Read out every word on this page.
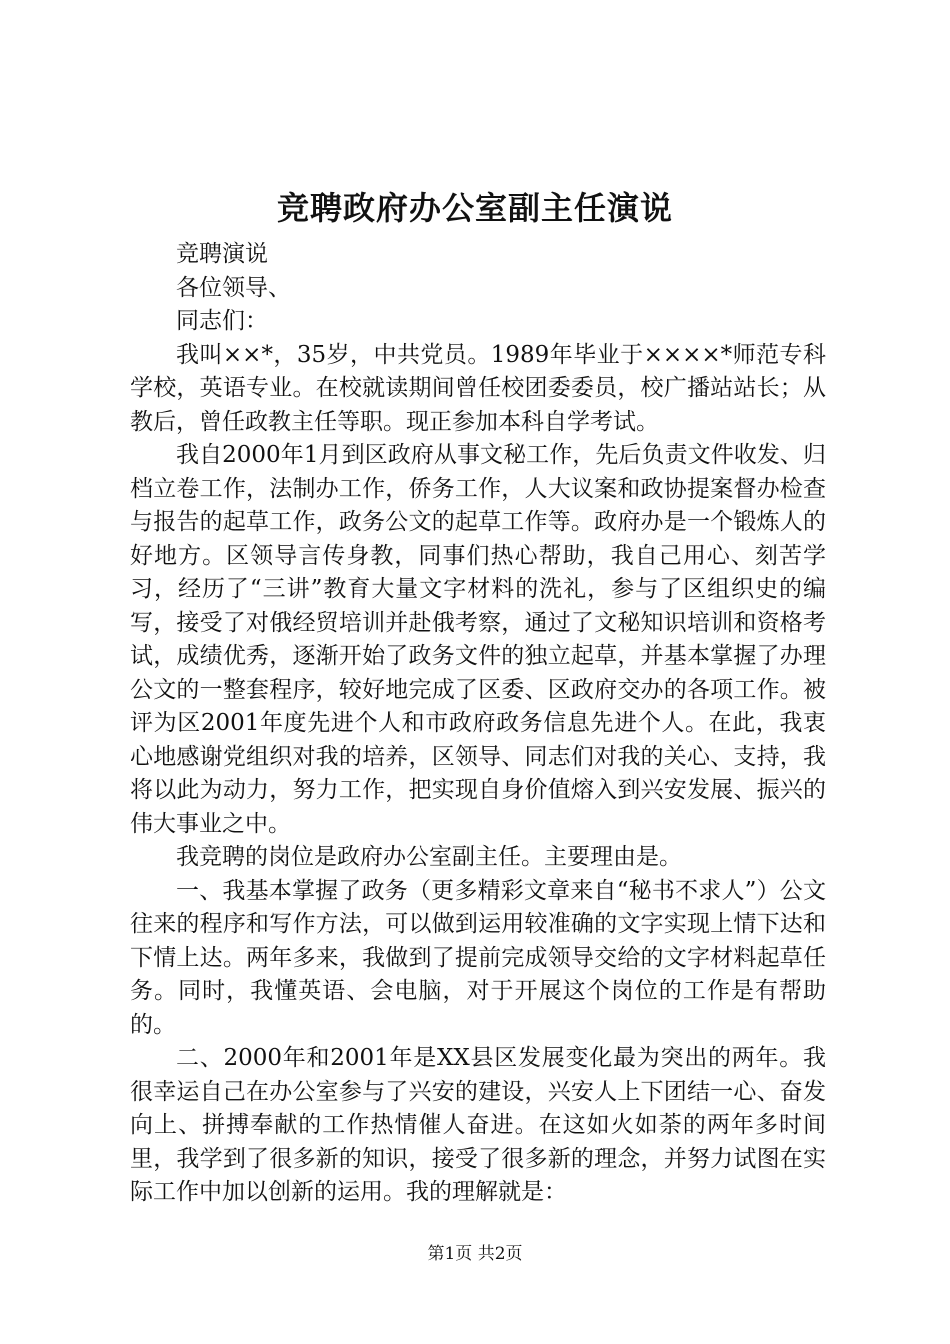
竞聘政府办公室副主任演说

竞聘演说

各位领导、

同志们：

我叫××*，35岁，中共党员。1989年毕业于××××*师范专科学校，英语专业。在校就读期间曾任校团委委员，校广播站站长；从教后，曾任政教主任等职。现正参加本科自学考试。

我自2000年1月到区政府从事文秘工作，先后负责文件收发、归档立卷工作，法制办工作，侨务工作，人大议案和政协提案督办检查与报告的起草工作，政务公文的起草工作等。政府办是一个锻炼人的好地方。区领导言传身教，同事们热心帮助，我自己用心、刻苦学习，经历了“三讲”教育大量文字材料的洗礼，参与了区组织史的编写，接受了对俄经贸培训并赴俄考察，通过了文秘知识培训和资格考试，成绩优秀，逐渐开始了政务文件的独立起草，并基本掌握了办理公文的一整套程序，较好地完成了区委、区政府交办的各项工作。被评为区2001年度先进个人和市政府政务信息先进个人。在此，我衷心地感谢党组织对我的培养，区领导、同志们对我的关心、支持，我将以此为动力，努力工作，把实现自身价值熔入到兴安发展、振兴的伟大事业之中。

我竞聘的岗位是政府办公室副主任。主要理由是。

一、我基本掌握了政务（更多精彩文章来自“秘书不求人”）公文往来的程序和写作方法，可以做到运用较准确的文字实现上情下达和下情上达。两年多来，我做到了提前完成领导交给的文字材料起草任务。同时，我懂英语、会电脑，对于开展这个岗位的工作是有帮助的。

二、2000年和2001年是XX县区发展变化最为突出的两年。我很幸运自己在办公室参与了兴安的建设，兴安人上下团结一心、奋发向上、拼搏奉献的工作热情催人奋进。在这如火如荼的两年多时间里，我学到了很多新的知识，接受了很多新的理念，并努力试图在实际工作中加以创新的运用。我的理解就是：

第1页 共2页
